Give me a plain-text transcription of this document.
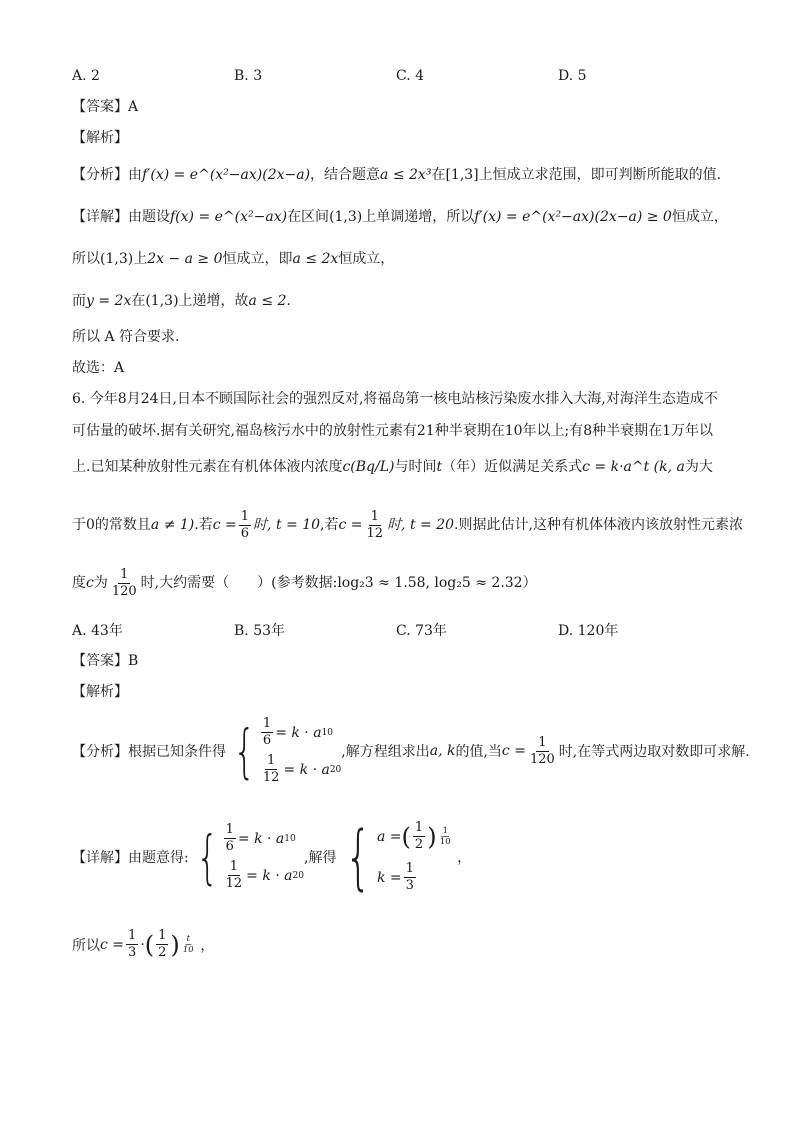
A. 2	B. 3	C. 4	D. 5
【答案】A
【解析】
【分析】由f′(x) = e^(x²−ax)(2x−a)，结合题意a ≤ 2x³在[1,3]上恒成立求范围，即可判断所能取的值.
【详解】由题设f(x) = e^(x²−ax)在区间(1,3)上单调递增，所以f′(x) = e^(x²−ax)(2x−a) ≥ 0恒成立，
所以(1,3)上2x − a ≥ 0恒成立，即a ≤ 2x恒成立，
而y = 2x在(1,3)上递增，故a ≤ 2.
所以 A 符合要求.
故选：A
6. 今年8月24日,日本不顾国际社会的强烈反对,将福岛第一核电站核污染废水排入大海,对海洋生态造成不
可估量的破坏.据有关研究,福岛核污水中的放射性元素有21种半衰期在10年以上;有8种半衰期在1万年以
上.已知某种放射性元素在有机体体液内浓度c(Bq/L)与时间t（年）近似满足关系式c = k·a^t (k, a为大
于0的常数且a ≠ 1).若$c = \frac{1}{6}$ 时, t = 10,若$c = \frac{1}{12}$ 时, t = 20.则据此估计,这种有机体体液内该放射性元素浓
度c为 $\frac{1}{120}$ 时,大约需要（　　）(参考数据:log₂3 ≈ 1.58, log₂5 ≈ 2.32）
A. 43年	B. 53年	C. 73年	D. 120年
【答案】B
【解析】
【分析】根据已知条件得 { $\frac{1}{6} = k \cdot a$ 10
$\frac{1}{12} = k \cdot a$ 20
,解方程组求出 a, k 的值,当 $c = \frac{1}{120}$ 时,在等式两边取对数即可求解.
【详解】由题意得: { $\frac{1}{6} = k \cdot a$ 10
$\frac{1}{12} = k \cdot a$ 20
,解得 { a = ( $\frac{1}{2}$ ) $\frac{1}{10}$
$k = \frac{1}{3}$
，
所以 $c = \frac{1}{3}$ · ( $\frac{1}{2}$ ) $\frac{t}{10}$ ，
